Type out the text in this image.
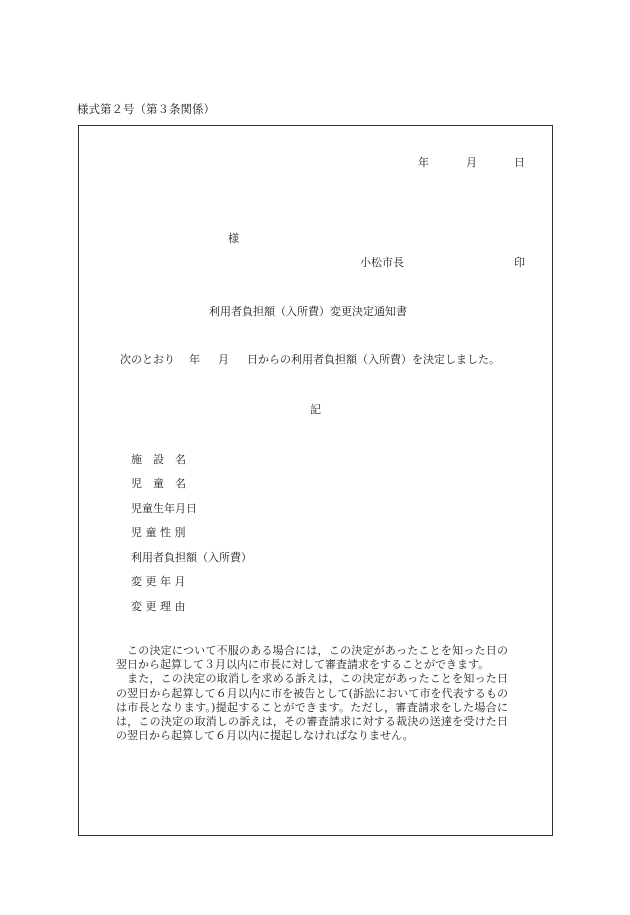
様式第２号（第３条関係）
年	月	日
様
小松市長	印
利用者負担額（入所費）変更決定通知書
次のとおり 年 月 日からの利用者負担額（入所費）を決定しました。
記
施　設　名
児　童　名
児童生年月日
児 童 性 別
利用者負担額（入所費）
変 更 年 月
変 更 理 由

この決定について不服のある場合には，この決定があったことを知った日の翌日から起算して３月以内に市長に対して審査請求をすることができます。

また，この決定の取消しを求める訴えは，この決定があったことを知った日の翌日から起算して６月以内に市を被告として(訴訟において市を代表するものは市長となります。)提起することができます。ただし，審査請求をした場合には，この決定の取消しの訴えは，その審査請求に対する裁決の送達を受けた日の翌日から起算して６月以内に提起しなければなりません。
